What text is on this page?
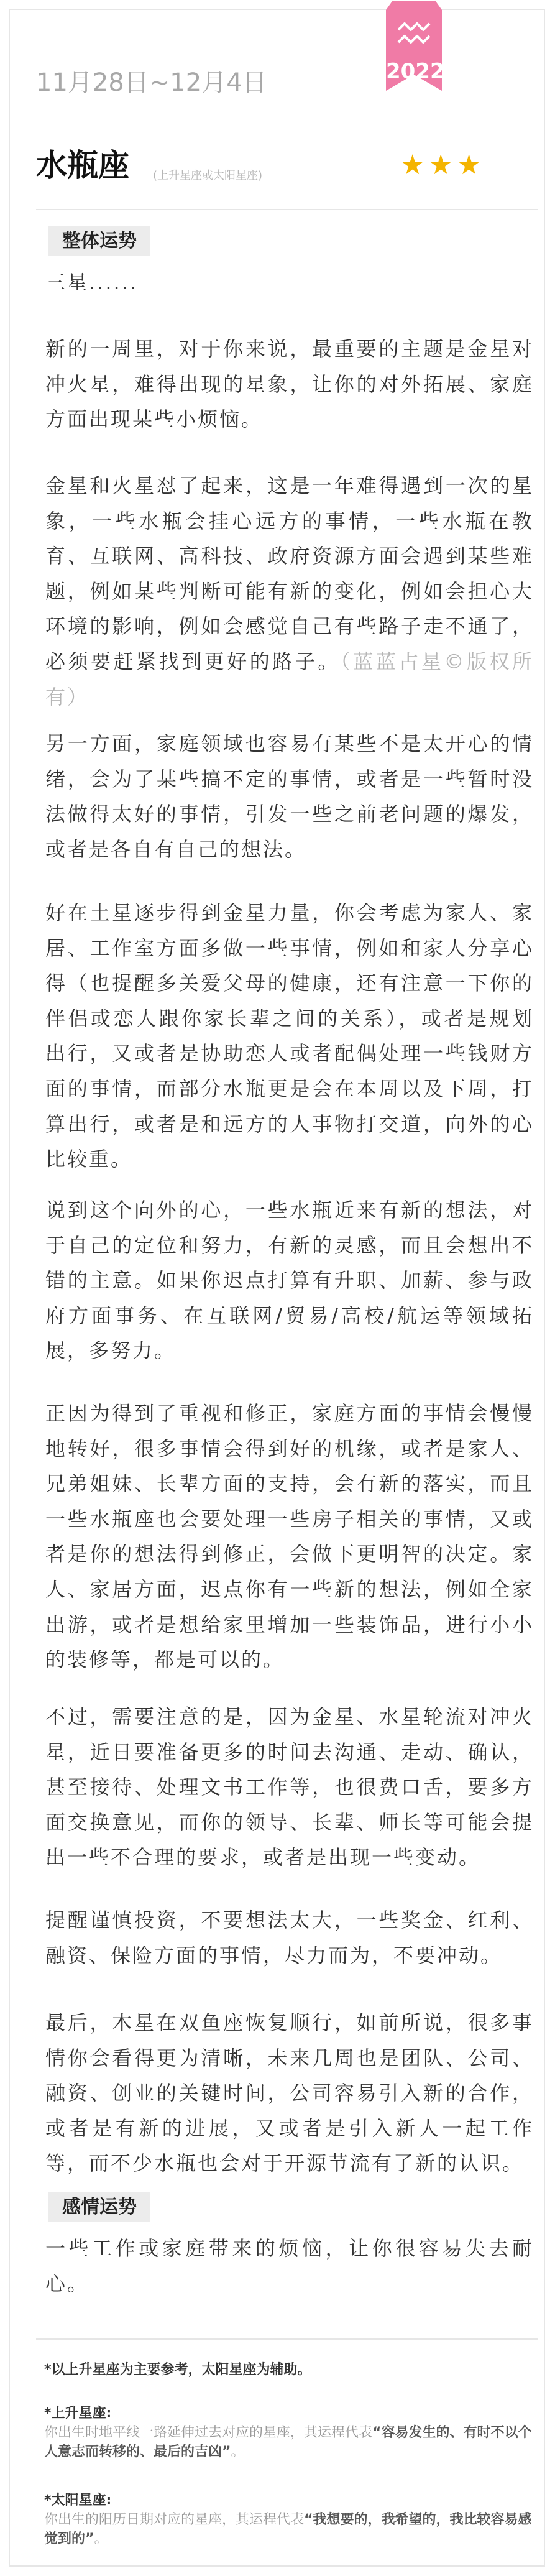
2022
11月28日~12月4日
水瓶座 (上升星座或太阳星座)	★★★
整体运势
三星......
新的一周里，对于你来说，最重要的主题是金星对冲火星，难得出现的星象，让你的对外拓展、家庭方面出现某些小烦恼。
金星和火星怼了起来，这是一年难得遇到一次的星象，一些水瓶会挂心远方的事情，一些水瓶在教育、互联网、高科技、政府资源方面会遇到某些难题，例如某些判断可能有新的变化，例如会担心大环境的影响，例如会感觉自己有些路子走不通了，必须要赶紧找到更好的路子。（蓝蓝占星©版权所有）
另一方面，家庭领域也容易有某些不是太开心的情绪，会为了某些搞不定的事情，或者是一些暂时没法做得太好的事情，引发一些之前老问题的爆发，或者是各自有自己的想法。
好在土星逐步得到金星力量，你会考虑为家人、家居、工作室方面多做一些事情，例如和家人分享心得（也提醒多关爱父母的健康，还有注意一下你的伴侣或恋人跟你家长辈之间的关系），或者是规划出行，又或者是协助恋人或者配偶处理一些钱财方面的事情，而部分水瓶更是会在本周以及下周，打算出行，或者是和远方的人事物打交道，向外的心比较重。
说到这个向外的心，一些水瓶近来有新的想法，对于自己的定位和努力，有新的灵感，而且会想出不错的主意。如果你迟点打算有升职、加薪、参与政府方面事务、在互联网/贸易/高校/航运等领域拓展，多努力。
正因为得到了重视和修正，家庭方面的事情会慢慢地转好，很多事情会得到好的机缘，或者是家人、兄弟姐妹、长辈方面的支持，会有新的落实，而且一些水瓶座也会要处理一些房子相关的事情，又或者是你的想法得到修正，会做下更明智的决定。家人、家居方面，迟点你有一些新的想法，例如全家出游，或者是想给家里增加一些装饰品，进行小小的装修等，都是可以的。
不过，需要注意的是，因为金星、水星轮流对冲火星，近日要准备更多的时间去沟通、走动、确认，甚至接待、处理文书工作等，也很费口舌，要多方面交换意见，而你的领导、长辈、师长等可能会提出一些不合理的要求，或者是出现一些变动。
提醒谨慎投资，不要想法太大，一些奖金、红利、融资、保险方面的事情，尽力而为，不要冲动。
最后，木星在双鱼座恢复顺行，如前所说，很多事情你会看得更为清晰，未来几周也是团队、公司、融资、创业的关键时间，公司容易引入新的合作，或者是有新的进展，又或者是引入新人一起工作等，而不少水瓶也会对于开源节流有了新的认识。
感情运势
一些工作或家庭带来的烦恼，让你很容易失去耐心。
*以上升星座为主要参考，太阳星座为辅助。
*上升星座:
你出生时地平线一路延伸过去对应的星座，其运程代表“容易发生的、有时不以个人意志而转移的、最后的吉凶”。
*太阳星座:
你出生的阳历日期对应的星座，其运程代表“我想要的，我希望的，我比较容易感觉到的”。
